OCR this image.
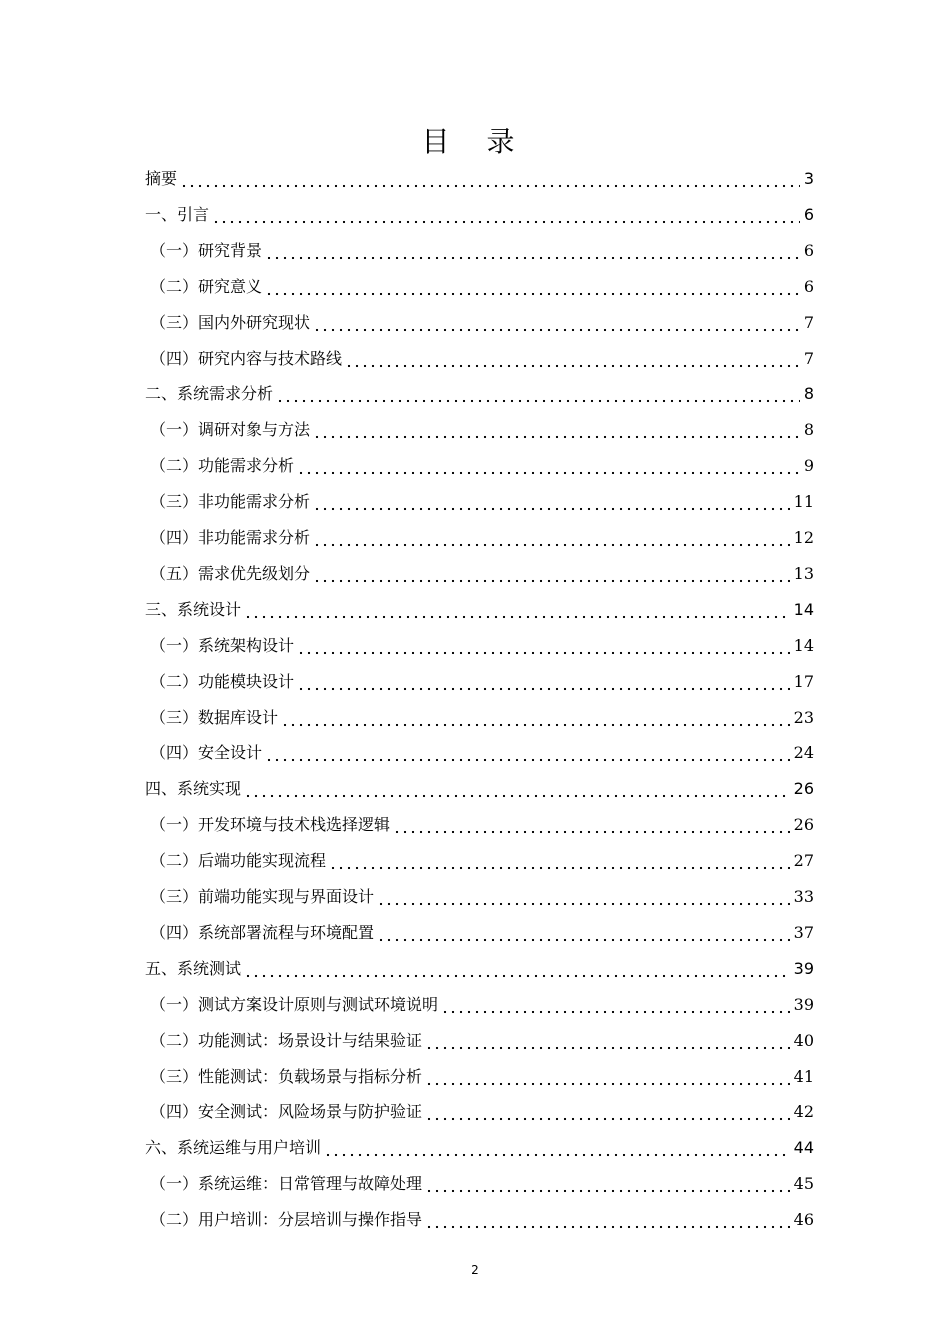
目 录
摘要	3
一、引言	6
（一）研究背景	6
（二）研究意义	6
（三）国内外研究现状	7
（四）研究内容与技术路线	7
二、系统需求分析	8
（一）调研对象与方法	8
（二）功能需求分析	9
（三）非功能需求分析	11
（四）非功能需求分析	12
（五）需求优先级划分	13
三、系统设计	14
（一）系统架构设计	14
（二）功能模块设计	17
（三）数据库设计	23
（四）安全设计	24
四、系统实现	26
（一）开发环境与技术栈选择逻辑	26
（二）后端功能实现流程	27
（三）前端功能实现与界面设计	33
（四）系统部署流程与环境配置	37
五、系统测试	39
（一）测试方案设计原则与测试环境说明	39
（二）功能测试：场景设计与结果验证	40
（三）性能测试：负载场景与指标分析	41
（四）安全测试：风险场景与防护验证	42
六、系统运维与用户培训	44
（一）系统运维：日常管理与故障处理	45
（二）用户培训：分层培训与操作指导	46
2
